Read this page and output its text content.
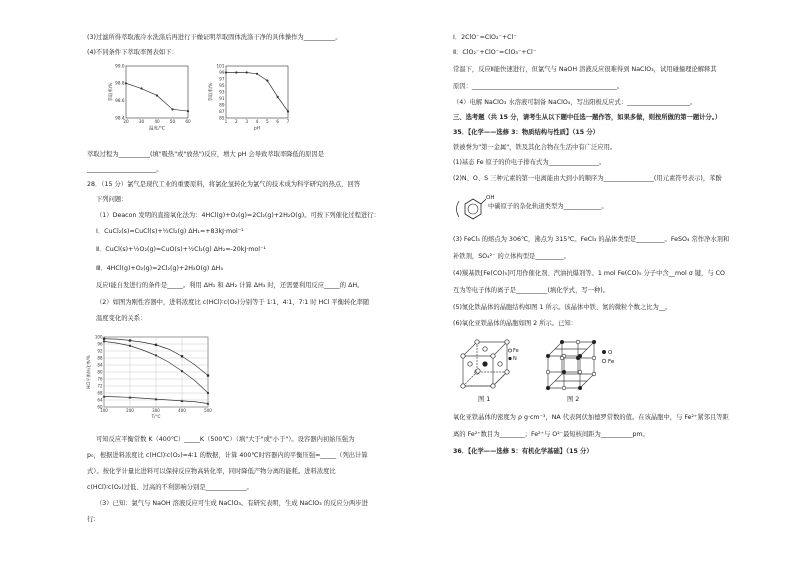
(3)过滤所得萃取液冷水洗涤后再进行干燥证明萃取固体洗涤干净的具体操作为__________。
(4)不同条件下萃取率图表如下：
98.4
98.6
98.8
99.0
20 30 40 50 60
温度/℃
萃取率/%
85
87
89
91
93
95
97
99
101
1 2 3 4 5 6 7
pH
萃取率/%
萃取过程为__________(填"吸热"或"放热")反应，增大 pH 会导致萃取率降低的原因是
______________________。
28．（15 分）氯气是现代工业的重要原料，将氯化氢转化为氯气的技术成为科学研究的热点，回答
下列问题：
（1）Deacon 发明的直接氧化法为：4HCl(g)+O₂(g)=2Cl₂(g)+2H₂O(g)。可按下列催化过程进行：
Ⅰ．CuCl₂(s)=CuCl(s)+½Cl₂(g) ΔH₁=+83kJ·mol⁻¹
Ⅱ．CuCl(s)+½O₂(g)=CuO(s)+½Cl₂(g) ΔH₂=-20kJ·mol⁻¹
Ⅲ．4HCl(g)+O₂(g)=2Cl₂(g)+2H₂O(g) ΔH₃
反应Ⅰ能自发进行的条件是_____。利用 ΔH₁ 和 ΔH₂ 计算 ΔH₃ 时，还需要利用反应_____的 ΔH。
（2）如图为刚性容器中，进料浓度比 c(HCl)∶c(O₂)分别等于 1∶1、4∶1、7∶1 时 HCl 平衡转化率随
温度变化的关系：
60
64
68
72
76
80
84
88
92
96
100
100	200	300	400	500
T/℃
HCl平衡转化率/%
可知反应平衡常数 K（400℃）_____K（500℃）（填"大于"或"小于"）。设容器内初始压强为
p₀，根据进料浓度比 c(HCl)∶c(O₂)=4∶1 的数据，计算 400℃时容器内的平衡压强=_____（列出计算
式）。按化学计量比进料可以保持反应物高转化率，同时降低产物分离的能耗。进料浓度比
c(HCl)∶c(O₂)过低、过高的不利影响分别是_____________。
（3）已知：氯气与 NaOH 溶液反应可生成 NaClO₃。有研究表明，生成 NaClO₃ 的反应分两步进
行：
Ⅰ．2ClO⁻=ClO₂⁻+Cl⁻
Ⅱ．ClO₂⁻+ClO⁻=ClO₃⁻+Cl⁻
常温下，反应Ⅱ能快速进行，但氯气与 NaOH 溶液反应很难得到 NaClO₃，试用碰撞理论解释其
原因：______________________________________________。
（4）电解 NaClO₃ 水溶液可制备 NaClO₄，写出阳极反应式：____________________。
三、选考题（共 15 分，请考生从以下题中任选一题作答，如果多做，则按所做的第一题计分。）
35．【化学——选修 3：物质结构与性质】（15 分）
铁被誉为"第一金属"，铁及其化合物在生活中有广泛应用。
(1)基态 Fe 原子的价电子排布式为________________。
(2)N、O、S 三种元素的第一电离能由大到小的顺序为________________(用元素符号表示)，苯酚
OH
中碳原子的杂化轨道类型为____________。
(3) FeCl₃ 的熔点为 306℃，沸点为 315℃。FeCl₃ 的晶体类型是_________。FeSO₄ 常作净水剂和
补铁剂，SO₄²⁻ 的立体构型是_________。
(4)羰基铁[Fe(CO)₅]可用作催化剂、汽油抗爆剂等。1 mol Fe(CO)₅ 分子中含__mol σ 键，与 CO
互为等电子体的离子是__________(填化学式，写一种)。
(5)氮化铁晶体的晶胞结构如图 1 所示。该晶体中铁、氮的微粒个数之比为__。
(6)氧化亚铁晶体的晶胞如图 2 所示。已知：
Fe
N
O
Fe
图 1	图 2
氧化亚铁晶体的密度为 ρ g·cm⁻³，NA 代表阿伏加德罗常数的值。在该晶胞中，与 Fe²⁺紧邻且等距
离的 Fe²⁺数目为________；Fe²⁺与 O²⁻最短核间距为__________pm。
36．【化学——选修 5：有机化学基础】（15 分）
